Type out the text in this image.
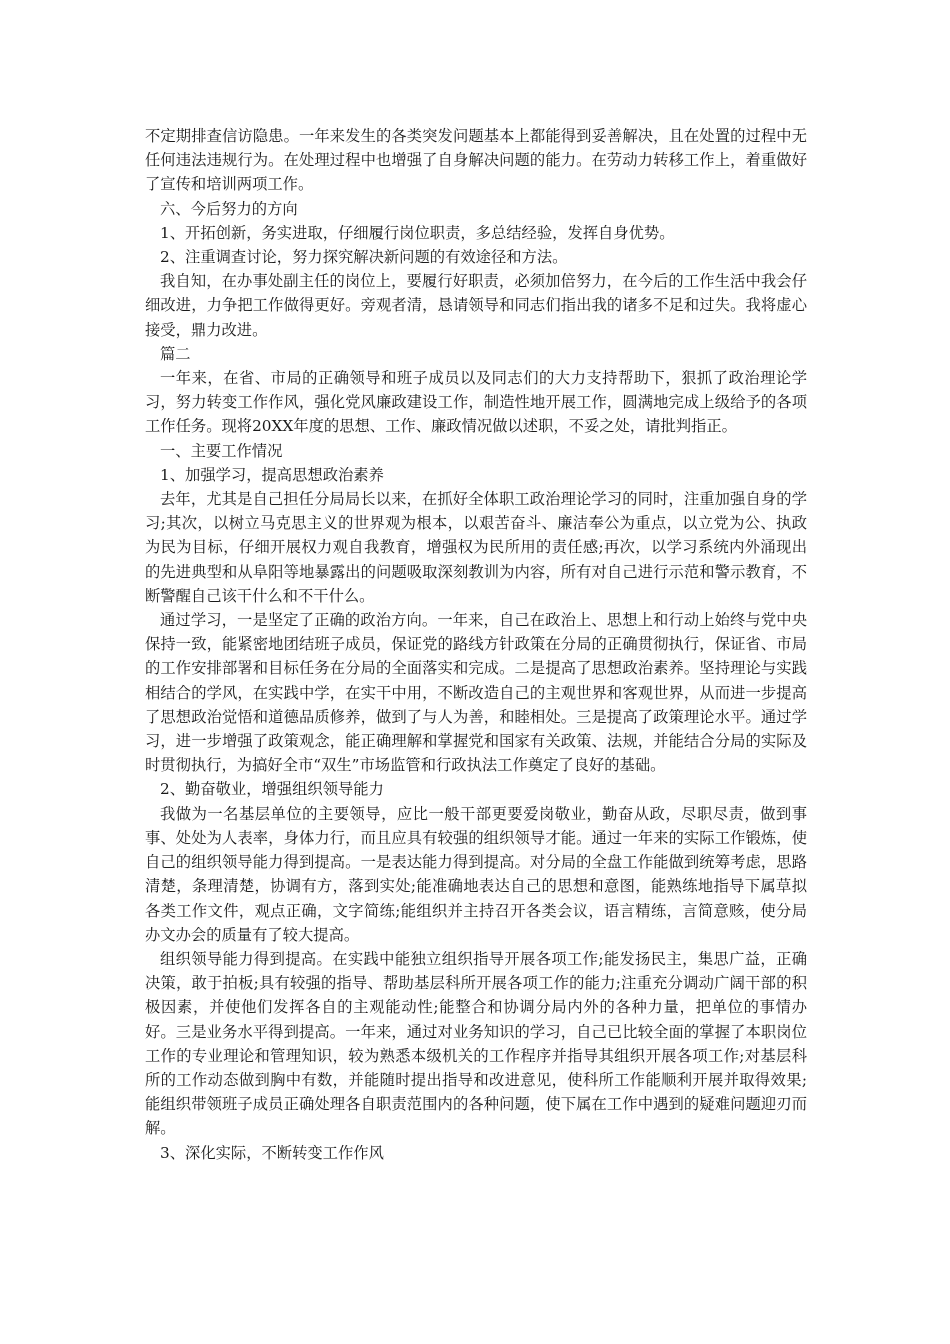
不定期排查信访隐患。一年来发生的各类突发问题基本上都能得到妥善解决，且在处置的过程中无任何违法违规行为。在处理过程中也增强了自身解决问题的能力。在劳动力转移工作上，着重做好了宣传和培训两项工作。

六、今后努力的方向

1、开拓创新，务实进取，仔细履行岗位职责，多总结经验，发挥自身优势。

2、注重调查讨论，努力探究解决新问题的有效途径和方法。

我自知，在办事处副主任的岗位上，要履行好职责，必须加倍努力，在今后的工作生活中我会仔细改进，力争把工作做得更好。旁观者清，恳请领导和同志们指出我的诸多不足和过失。我将虚心接受，鼎力改进。

篇二

一年来，在省、市局的正确领导和班子成员以及同志们的大力支持帮助下，狠抓了政治理论学习，努力转变工作作风，强化党风廉政建设工作，制造性地开展工作，圆满地完成上级给予的各项工作任务。现将20XX年度的思想、工作、廉政情况做以述职，不妥之处，请批判指正。

一、主要工作情况

1、加强学习，提高思想政治素养

去年，尤其是自己担任分局局长以来，在抓好全体职工政治理论学习的同时，注重加强自身的学习;其次，以树立马克思主义的世界观为根本，以艰苦奋斗、廉洁奉公为重点，以立党为公、执政为民为目标，仔细开展权力观自我教育，增强权为民所用的责任感;再次，以学习系统内外涌现出的先进典型和从阜阳等地暴露出的问题吸取深刻教训为内容，所有对自己进行示范和警示教育，不断警醒自己该干什么和不干什么。

通过学习，一是坚定了正确的政治方向。一年来，自己在政治上、思想上和行动上始终与党中央保持一致，能紧密地团结班子成员，保证党的路线方针政策在分局的正确贯彻执行，保证省、市局的工作安排部署和目标任务在分局的全面落实和完成。二是提高了思想政治素养。坚持理论与实践相结合的学风，在实践中学，在实干中用，不断改造自己的主观世界和客观世界，从而进一步提高了思想政治觉悟和道德品质修养，做到了与人为善，和睦相处。三是提高了政策理论水平。通过学习，进一步增强了政策观念，能正确理解和掌握党和国家有关政策、法规，并能结合分局的实际及时贯彻执行，为搞好全市“双生”市场监管和行政执法工作奠定了良好的基础。

2、勤奋敬业，增强组织领导能力

我做为一名基层单位的主要领导，应比一般干部更要爱岗敬业，勤奋从政，尽职尽责，做到事事、处处为人表率，身体力行，而且应具有较强的组织领导才能。通过一年来的实际工作锻炼，使自己的组织领导能力得到提高。一是表达能力得到提高。对分局的全盘工作能做到统筹考虑，思路清楚，条理清楚，协调有方，落到实处;能准确地表达自己的思想和意图，能熟练地指导下属草拟各类工作文件，观点正确，文字简练;能组织并主持召开各类会议，语言精练，言简意赅，使分局办文办会的质量有了较大提高。

组织领导能力得到提高。在实践中能独立组织指导开展各项工作;能发扬民主，集思广益，正确决策，敢于拍板;具有较强的指导、帮助基层科所开展各项工作的能力;注重充分调动广阔干部的积极因素，并使他们发挥各自的主观能动性;能整合和协调分局内外的各种力量，把单位的事情办好。三是业务水平得到提高。一年来，通过对业务知识的学习，自己已比较全面的掌握了本职岗位工作的专业理论和管理知识，较为熟悉本级机关的工作程序并指导其组织开展各项工作;对基层科所的工作动态做到胸中有数，并能随时提出指导和改进意见，使科所工作能顺利开展并取得效果;能组织带领班子成员正确处理各自职责范围内的各种问题，使下属在工作中遇到的疑难问题迎刃而解。

3、深化实际，不断转变工作作风
